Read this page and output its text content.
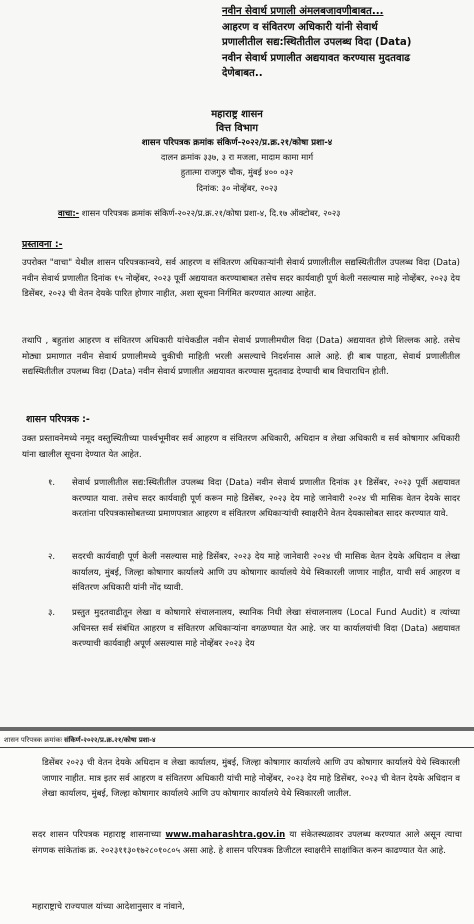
नवीन सेवार्थ प्रणाली अंमलबजावणीबाबत...
आहरण व संवितरण अधिकारी यांनी सेवार्थ
प्रणालीतील सद्य:स्थितीतील उपलब्ध विदा (Data)
नवीन सेवार्थ प्रणालीत अद्ययावत करण्यास मुदतवाढ
देणेबाबत..
महाराष्ट्र शासन
वित्त विभाग
शासन परिपत्रक क्रमांक संकिर्ण-२०२२/प्र.क्र.२१/कोषा प्रशा-४
दालन क्रमांक ३३७, ३ रा मजला, मादाम कामा मार्ग
हुतात्मा राजगुरु चौक, मुंबई ४०० ०३२
दिनांक: ३० नोव्हेंबर, २०२३
वाचा:- शासन परिपत्रक क्रमांक संकिर्ण-२०२२/प्र.क्र.२१/कोषा प्रशा-४, दि.१७ ऑक्टोबर, २०२३
प्रस्तावना :-
उपरोक्त "वाचा" येथील शासन परिपत्रकान्वये, सर्व आहरण व संवितरण अधिकाऱ्यांनी सेवार्थ प्रणालीतील सद्यस्थितीतील उपलब्ध विदा (Data) नवीन सेवार्थ प्रणालीत दिनांक १५ नोव्हेंबर, २०२३ पूर्वी अद्ययावत करण्याबाबत तसेच सदर कार्यवाही पूर्ण केली नसल्यास माहे नोव्हेंबर, २०२३ देय डिसेंबर, २०२३ ची वेतन देयके पारित होणार नाहीत, अशा सूचना निर्गमित करण्यात आल्या आहेत.
तथापि , बहुतांश आहरण व संवितरण अधिकारी यांचेकडील नवीन सेवार्थ प्रणालीमधील विदा (Data) अद्ययावत होणे शिल्लक आहे. तसेच मोठ्या प्रमाणात नवीन सेवार्थ प्रणालीमध्ये चुकीची माहिती भरली असल्याचे निदर्शनास आले आहे. ही बाब पाहता, सेवार्थ प्रणालीतील सद्यस्थितीतील उपलब्ध विदा (Data) नवीन सेवार्थ प्रणालीत अद्ययावत करण्यास मुदतवाढ देण्याची बाब विचाराधिन होती.
शासन परिपत्रक :-
उक्त प्रस्तावनेमध्ये नमूद वस्तुस्थितीच्या पार्श्वभूमीवर सर्व आहरण व संवितरण अधिकारी, अधिदान व लेखा अधिकारी व सर्व कोषागार अधिकारी यांना खालील सूचना देण्यात येत आहेत.
१. सेवार्थ प्रणालीतील सद्य:स्थितीतील उपलब्ध विदा (Data) नवीन सेवार्थ प्रणालीत दिनांक ३१ डिसेंबर, २०२३ पूर्वी अद्ययावत करण्यात यावा. तसेच सदर कार्यवाही पूर्ण करून माहे डिसेंबर, २०२३ देय माहे जानेवारी २०२४ ची मासिक वेतन देयके सादर करतांना परिपत्रकासोबतच्या प्रमाणपत्रात आहरण व संवितरण अधिकाऱ्यांची स्वाक्षरीने वेतन देयकासोबत सादर करण्यात यावे.
२. सदरची कार्यवाही पूर्ण केली नसल्यास माहे डिसेंबर, २०२३ देय माहे जानेवारी २०२४ ची मासिक वेतन देयके अधिदान व लेखा कार्यालय, मुंबई, जिल्हा कोषागार कार्यालये आणि उप कोषागार कार्यालये येथे स्विकारली जाणार नाहीत, याची सर्व आहरण व संवितरण अधिकारी यांनी नोंद घ्यावी.
३. प्रस्तुत मुदतवाढीतून लेखा व कोषागारे संचालनालय, स्थानिक निधी लेखा संचालनालय (Local Fund Audit) व त्यांच्या अधिनस्त सर्व संबंधित आहरण व संवितरण अधिकाऱ्यांना वगळण्यात येत आहे. जर या कार्यालयांची विदा (Data) अद्ययावत करण्याची कार्यवाही अपूर्ण असल्यास माहे नोव्हेंबर २०२३ देय
शासन परिपत्रक क्रमांकः संकिर्ण-२०२२/प्र.क्र.२१/कोषा प्रशा-४
डिसेंबर २०२३ ची वेतन देयके अधिदान व लेखा कार्यालय, मुंबई, जिल्हा कोषागार कार्यालये आणि उप कोषागार कार्यालये येथे स्विकारली जाणार नाहीत. मात्र इतर सर्व आहरण व संवितरण अधिकारी यांची माहे नोव्हेंबर, २०२३ देय माहे डिसेंबर, २०२३ ची वेतन देयके अधिदान व लेखा कार्यालय, मुंबई, जिल्हा कोषागार कार्यालये आणि उप कोषागार कार्यालये येथे स्विकारली जातील.
सदर शासन परिपत्रक महाराष्ट्र शासनाच्या www.maharashtra.gov.in या संकेतस्थळावर उपलब्ध करण्यात आले असून त्याचा संगणक सांकेतांक क्र. २०२३११३०१७२८०१०८०५ असा आहे. हे शासन परिपत्रक डिजीटल स्वाक्षरीने साक्षांकित करुन काढण्यात येत आहे.
महाराष्ट्राचे राज्यपाल यांच्या आदेशानुसार व नांवाने,
